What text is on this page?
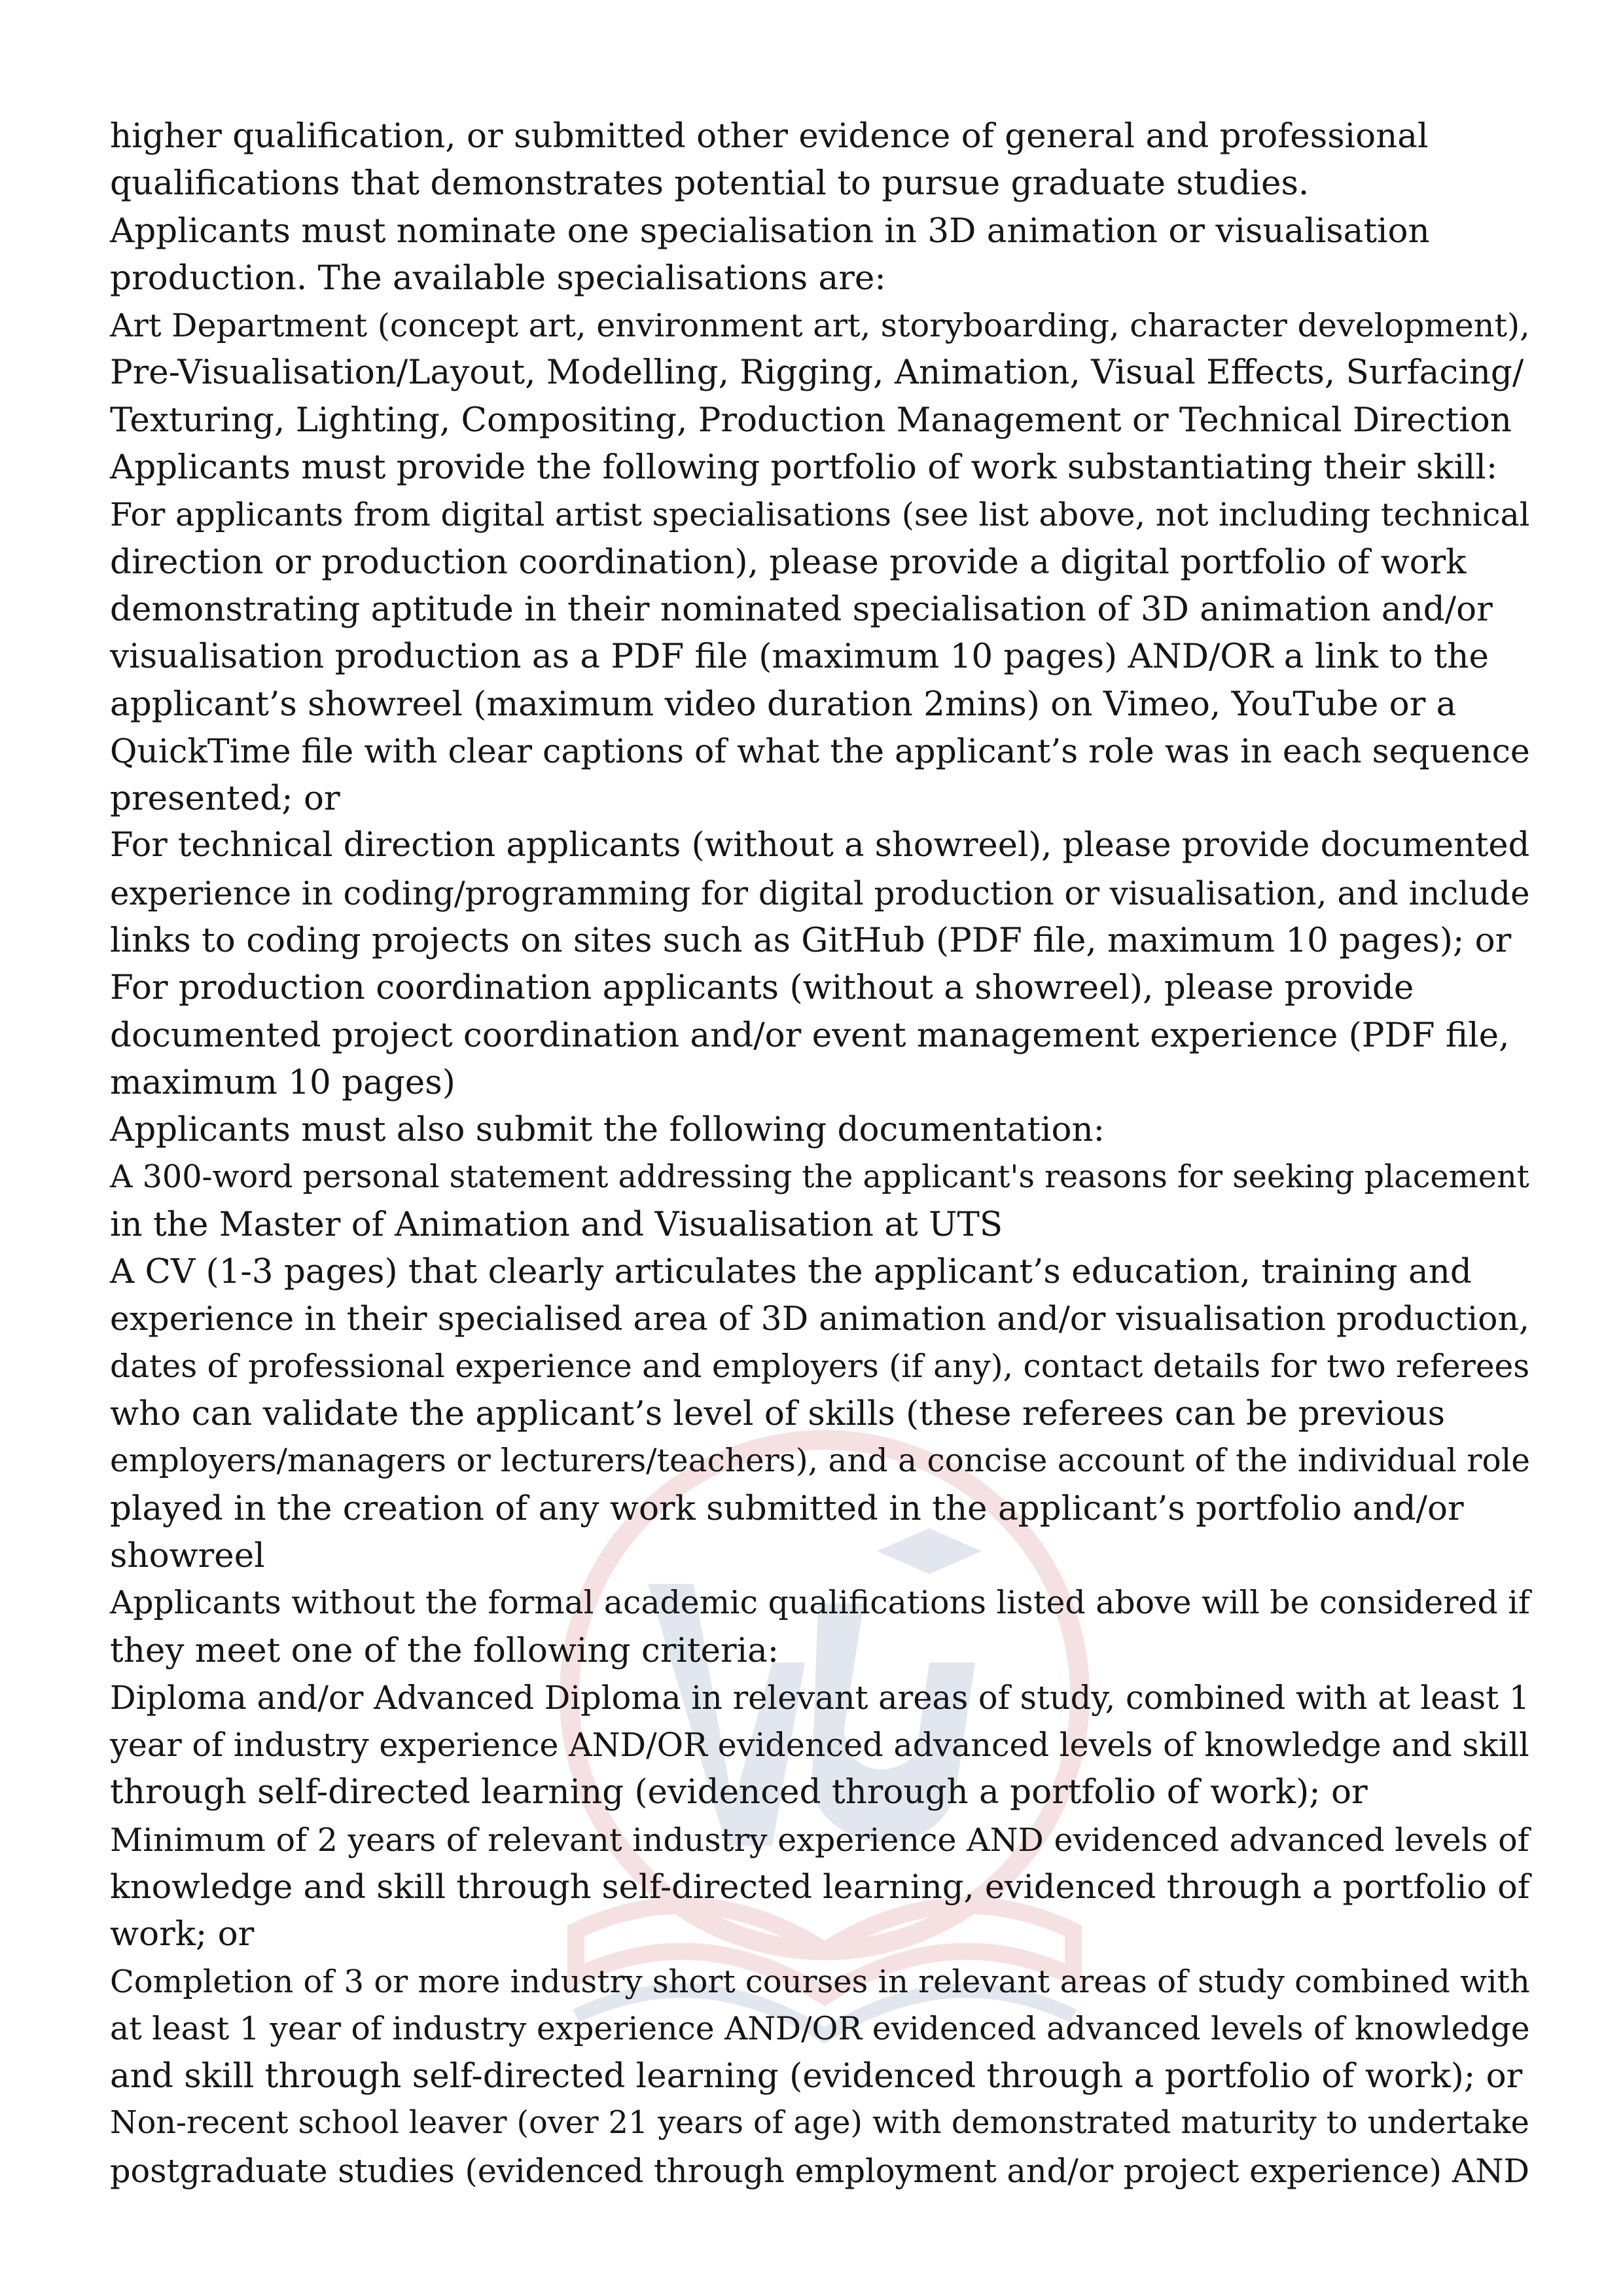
higher qualification, or submitted other evidence of general and professional
qualifications that demonstrates potential to pursue graduate studies.
Applicants must nominate one specialisation in 3D animation or visualisation
production. The available specialisations are:
Art Department (concept art, environment art, storyboarding, character development),
Pre-Visualisation/Layout, Modelling, Rigging, Animation, Visual Effects, Surfacing/
Texturing, Lighting, Compositing, Production Management or Technical Direction
Applicants must provide the following portfolio of work substantiating their skill:
For applicants from digital artist specialisations (see list above, not including technical
direction or production coordination), please provide a digital portfolio of work
demonstrating aptitude in their nominated specialisation of 3D animation and/or
visualisation production as a PDF file (maximum 10 pages) AND/OR a link to the
applicant’s showreel (maximum video duration 2mins) on Vimeo, YouTube or a
QuickTime file with clear captions of what the applicant’s role was in each sequence
presented; or
For technical direction applicants (without a showreel), please provide documented
experience in coding/programming for digital production or visualisation, and include
links to coding projects on sites such as GitHub (PDF file, maximum 10 pages); or
For production coordination applicants (without a showreel), please provide
documented project coordination and/or event management experience (PDF file,
maximum 10 pages)
Applicants must also submit the following documentation:
A 300-word personal statement addressing the applicant's reasons for seeking placement
in the Master of Animation and Visualisation at UTS
A CV (1-3 pages) that clearly articulates the applicant’s education, training and
experience in their specialised area of 3D animation and/or visualisation production,
dates of professional experience and employers (if any), contact details for two referees
who can validate the applicant’s level of skills (these referees can be previous
employers/managers or lecturers/teachers), and a concise account of the individual role
played in the creation of any work submitted in the applicant’s portfolio and/or
showreel
Applicants without the formal academic qualifications listed above will be considered if
they meet one of the following criteria:
Diploma and/or Advanced Diploma in relevant areas of study, combined with at least 1
year of industry experience AND/OR evidenced advanced levels of knowledge and skill
through self-directed learning (evidenced through a portfolio of work); or
Minimum of 2 years of relevant industry experience AND evidenced advanced levels of
knowledge and skill through self-directed learning, evidenced through a portfolio of
work; or
Completion of 3 or more industry short courses in relevant areas of study combined with
at least 1 year of industry experience AND/OR evidenced advanced levels of knowledge
and skill through self-directed learning (evidenced through a portfolio of work); or
Non-recent school leaver (over 21 years of age) with demonstrated maturity to undertake
postgraduate studies (evidenced through employment and/or project experience) AND
